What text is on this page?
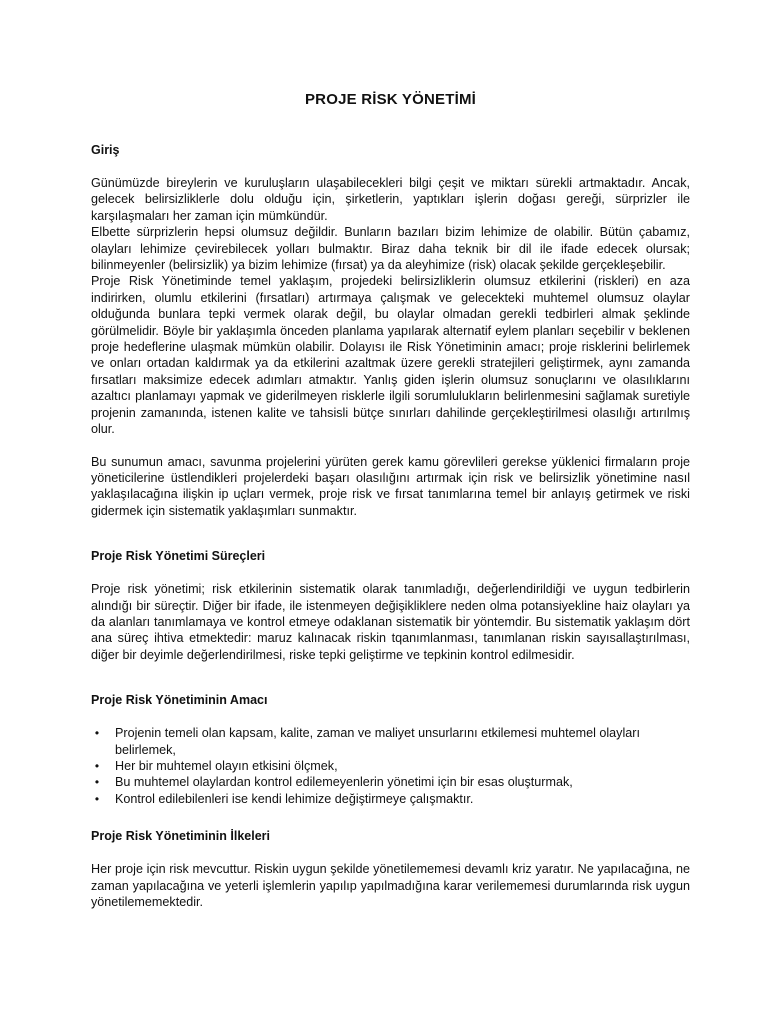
PROJE RİSK YÖNETİMİ
Giriş

Günümüzde bireylerin ve kuruluşların ulaşabilecekleri bilgi çeşit ve miktarı sürekli artmaktadır. Ancak, gelecek belirsizliklerle dolu olduğu için, şirketlerin, yaptıkları işlerin doğası gereği, sürprizler ile karşılaşmaları her zaman için mümkündür.

Elbette sürprizlerin hepsi olumsuz değildir. Bunların bazıları bizim lehimize de olabilir. Bütün çabamız, olayları lehimize çevirebilecek yolları bulmaktır. Biraz daha teknik bir dil ile ifade edecek olursak; bilinmeyenler (belirsizlik) ya bizim lehimize (fırsat) ya da aleyhimize (risk) olacak şekilde gerçekleşebilir.

Proje Risk Yönetiminde temel yaklaşım, projedeki belirsizliklerin olumsuz etkilerini (riskleri) en aza indirirken, olumlu etkilerini (fırsatları) artırmaya çalışmak ve gelecekteki muhtemel olumsuz olaylar olduğunda bunlara tepki vermek olarak değil, bu olaylar olmadan gerekli tedbirleri almak şeklinde görülmelidir. Böyle bir yaklaşımla önceden planlama yapılarak alternatif eylem planları seçebilir v beklenen proje hedeflerine ulaşmak mümkün olabilir. Dolayısı ile Risk Yönetiminin amacı; proje risklerini belirlemek ve onları ortadan kaldırmak ya da etkilerini azaltmak üzere gerekli stratejileri geliştirmek, aynı zamanda fırsatları maksimize edecek adımları atmaktır. Yanlış giden işlerin olumsuz sonuçlarını ve olasılıklarını azaltıcı planlamayı yapmak ve giderilmeyen risklerle ilgili sorumlulukların belirlenmesini sağlamak suretiyle projenin zamanında, istenen kalite ve tahsisli bütçe sınırları dahilinde gerçekleştirilmesi olasılığı artırılmış olur.

Bu sunumun amacı, savunma projelerini yürüten gerek kamu görevlileri gerekse yüklenici firmaların proje yöneticilerine üstlendikleri projelerdeki başarı olasılığını artırmak için risk ve belirsizlik yönetimine nasıl yaklaşılacağına ilişkin ip uçları vermek, proje risk ve fırsat tanımlarına temel bir anlayış getirmek ve riski gidermek için sistematik yaklaşımları sunmaktır.

Proje Risk Yönetimi Süreçleri

Proje risk yönetimi; risk etkilerinin sistematik olarak tanımladığı, değerlendirildiği ve uygun tedbirlerin alındığı bir süreçtir. Diğer bir ifade, ile istenmeyen değişikliklere neden olma potansiyekline haiz olayları ya da alanları tanımlamaya ve kontrol etmeye odaklanan sistematik bir yöntemdir. Bu sistematik yaklaşım dört ana süreç ihtiva etmektedir: maruz kalınacak riskin tqanımlanması, tanımlanan riskin sayısallaştırılması, diğer bir deyimle değerlendirilmesi, riske tepki geliştirme ve tepkinin kontrol edilmesidir.

Proje Risk Yönetiminin Amacı
•	Projenin temeli olan kapsam, kalite, zaman ve maliyet unsurlarını etkilemesi muhtemel olayları belirlemek,
•	Her bir muhtemel olayın etkisini ölçmek,
•	Bu muhtemel olaylardan kontrol edilemeyenlerin yönetimi için bir esas oluşturmak,
•	Kontrol edilebilenleri ise kendi lehimize değiştirmeye çalışmaktır.
Proje Risk Yönetiminin İlkeleri

Her proje için risk mevcuttur. Riskin uygun şekilde yönetilememesi devamlı kriz yaratır. Ne yapılacağına, ne zaman yapılacağına ve yeterli işlemlerin yapılıp yapılmadığına karar verilememesi durumlarında risk uygun yönetilememektedir.
